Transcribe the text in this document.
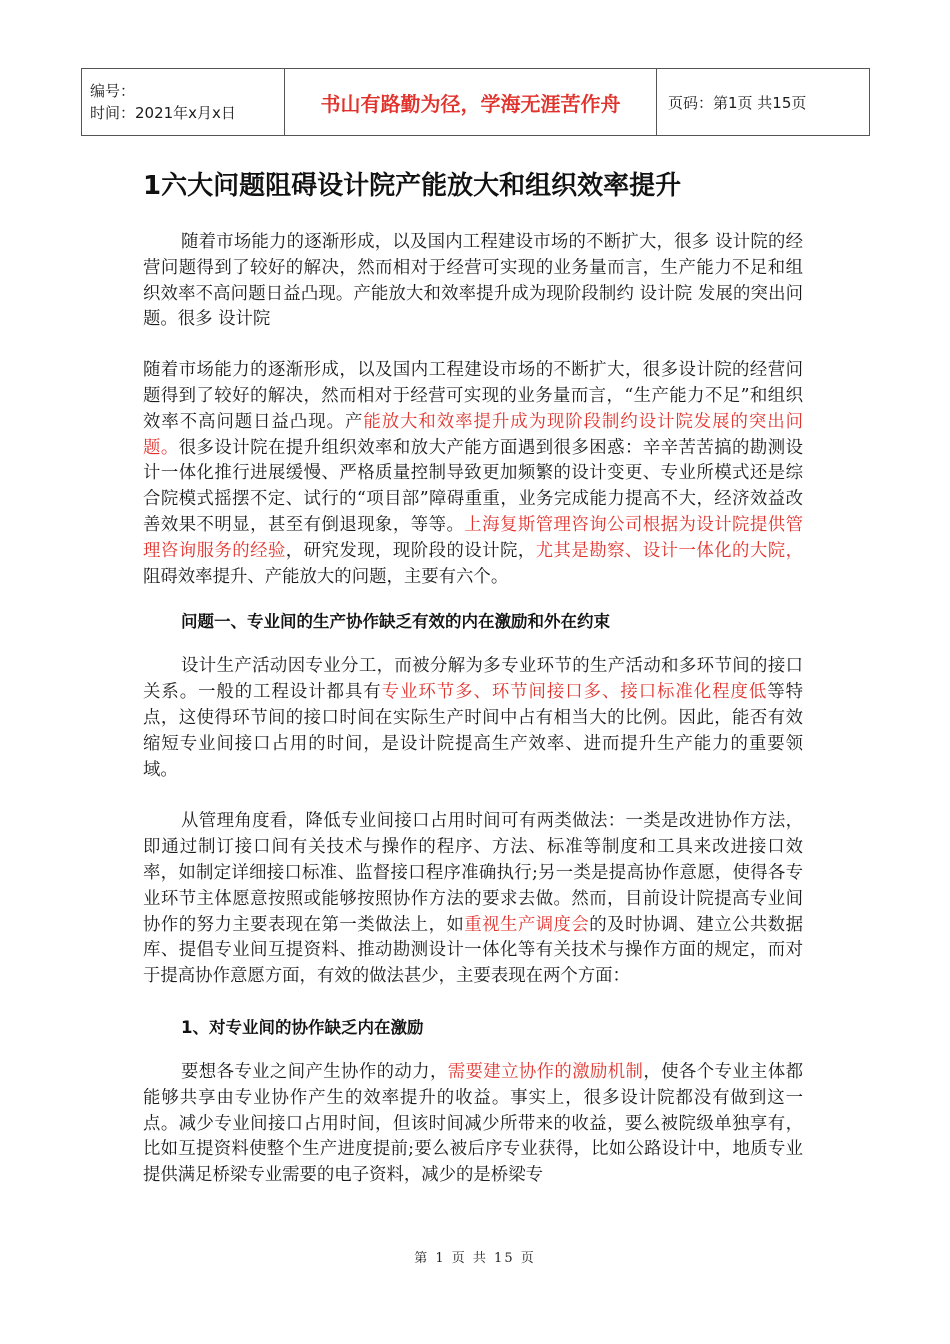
编号：
时间：2021年x月x日	书山有路勤为径，学海无涯苦作舟	页码：第1页 共15页
1六大问题阻碍设计院产能放大和组织效率提升

随着市场能力的逐渐形成，以及国内工程建设市场的不断扩大，很多 设计院的经营问题得到了较好的解决，然而相对于经营可实现的业务量而言，生产能力不足和组织效率不高问题日益凸现。产能放大和效率提升成为现阶段制约 设计院 发展的突出问题。很多 设计院

随着市场能力的逐渐形成，以及国内工程建设市场的不断扩大，很多设计院的经营问题得到了较好的解决，然而相对于经营可实现的业务量而言，“生产能力不足”和组织效率不高问题日益凸现。产能放大和效率提升成为现阶段制约设计院发展的突出问题。很多设计院在提升组织效率和放大产能方面遇到很多困惑：辛辛苦苦搞的勘测设计一体化推行进展缓慢、严格质量控制导致更加频繁的设计变更、专业所模式还是综合院模式摇摆不定、试行的“项目部”障碍重重，业务完成能力提高不大，经济效益改善效果不明显，甚至有倒退现象，等等。上海复斯管理咨询公司根据为设计院提供管理咨询服务的经验，研究发现，现阶段的设计院，尤其是勘察、设计一体化的大院，阻碍效率提升、产能放大的问题，主要有六个。

问题一、专业间的生产协作缺乏有效的内在激励和外在约束

设计生产活动因专业分工，而被分解为多专业环节的生产活动和多环节间的接口关系。一般的工程设计都具有专业环节多、环节间接口多、接口标准化程度低等特点，这使得环节间的接口时间在实际生产时间中占有相当大的比例。因此，能否有效缩短专业间接口占用的时间，是设计院提高生产效率、进而提升生产能力的重要领域。

从管理角度看，降低专业间接口占用时间可有两类做法：一类是改进协作方法，即通过制订接口间有关技术与操作的程序、方法、标准等制度和工具来改进接口效率，如制定详细接口标准、监督接口程序准确执行;另一类是提高协作意愿，使得各专业环节主体愿意按照或能够按照协作方法的要求去做。然而，目前设计院提高专业间协作的努力主要表现在第一类做法上，如重视生产调度会的及时协调、建立公共数据库、提倡专业间互提资料、推动勘测设计一体化等有关技术与操作方面的规定，而对于提高协作意愿方面，有效的做法甚少，主要表现在两个方面：

1、对专业间的协作缺乏内在激励

要想各专业之间产生协作的动力，需要建立协作的激励机制，使各个专业主体都能够共享由专业协作产生的效率提升的收益。事实上，很多设计院都没有做到这一点。减少专业间接口占用时间，但该时间减少所带来的收益，要么被院级单独享有，比如互提资料使整个生产进度提前;要么被后序专业获得，比如公路设计中，地质专业提供满足桥梁专业需要的电子资料，减少的是桥梁专

第 1 页 共 15 页
